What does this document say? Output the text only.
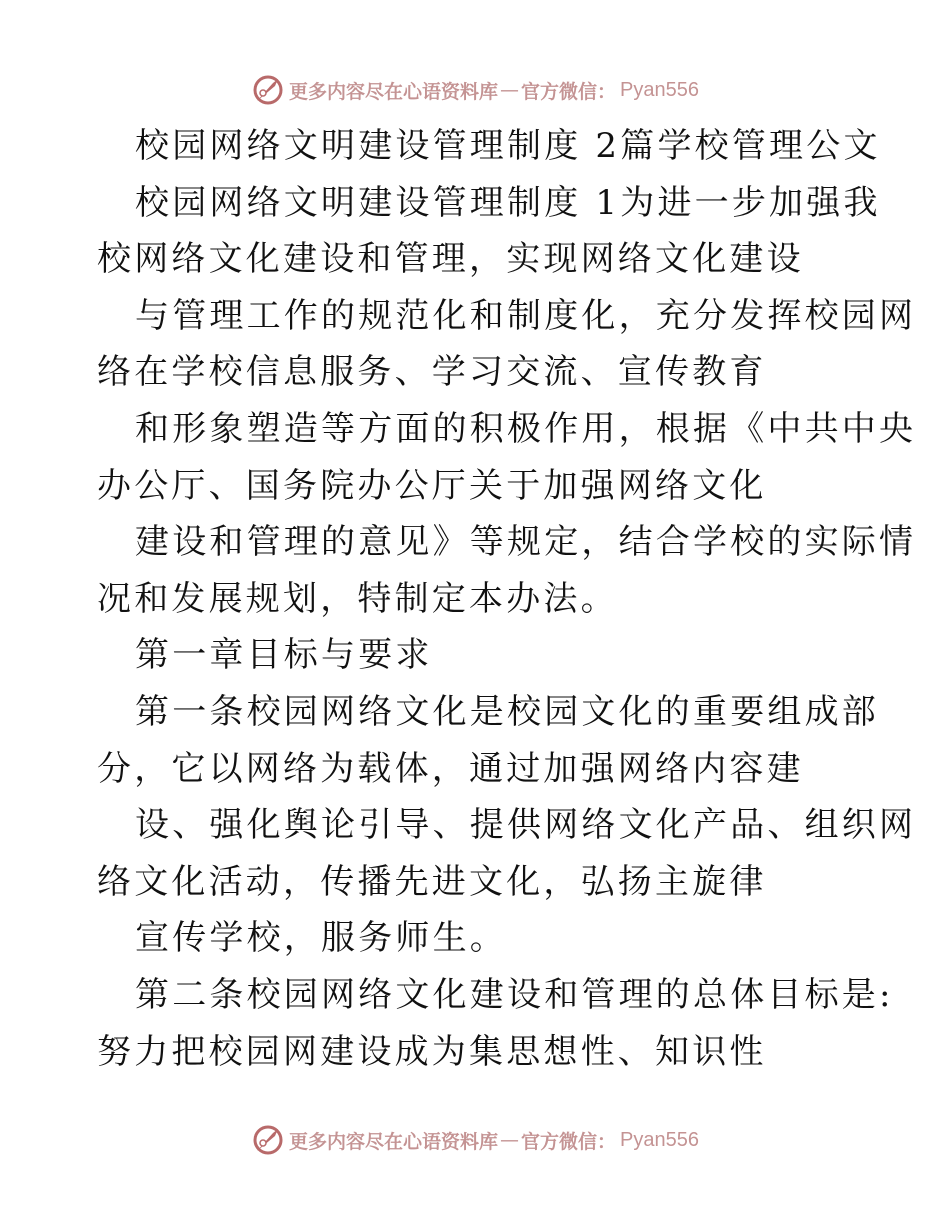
更多内容尽在心语资料库 — 官方微信： Pyan556
校园网络文明建设管理制度 2篇学校管理公文
校园网络文明建设管理制度 1为进一步加强我
校网络文化建设和管理，实现网络文化建设
与管理工作的规范化和制度化，充分发挥校园网
络在学校信息服务、学习交流、宣传教育
和形象塑造等方面的积极作用，根据《中共中央
办公厅、国务院办公厅关于加强网络文化
建设和管理的意见》等规定，结合学校的实际情
况和发展规划，特制定本办法。
第一章目标与要求
第一条校园网络文化是校园文化的重要组成部
分，它以网络为载体，通过加强网络内容建
设、强化舆论引导、提供网络文化产品、组织网
络文化活动，传播先进文化，弘扬主旋律
宣传学校，服务师生。
第二条校园网络文化建设和管理的总体目标是:
努力把校园网建设成为集思想性、知识性
更多内容尽在心语资料库 — 官方微信： Pyan556
